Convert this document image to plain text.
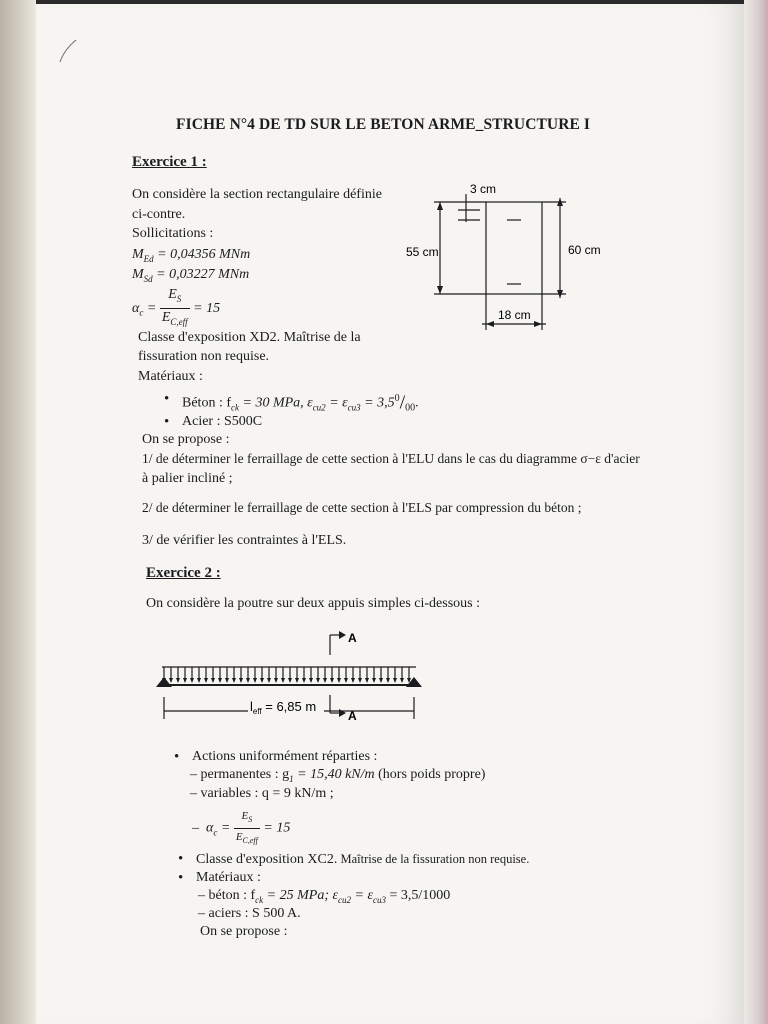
FICHE N°4 DE TD SUR LE BETON ARME_STRUCTURE I
Exercice 1 :
On considère la section rectangulaire définie
ci-contre.
Sollicitations :
$M_{Ed} = 0,04356$ MNm
$M_{Sd} = 0,03227$ MNm
$\alpha_c = \frac{E_S}{E_{C,eff}} = 15$
Classe d'exposition XD2. Maîtrise de la
fissuration non requise.
Matériaux :
• Béton : $f_{ck} = 30$ MPa, $\varepsilon_{cu2} = \varepsilon_{cu3} = 3,5^0/_{00}$.
• Acier : S500C
On se propose :
1/ de déterminer le ferraillage de cette section à l'ELU dans le cas du diagramme σ−ε d'acier
à palier incliné ;
2/ de déterminer le ferraillage de cette section à l'ELS par compression du béton ;
3/ de vérifier les contraintes à l'ELS.
3 cm
55 cm	60 cm
18 cm
Exercice 2 :
On considère la poutre sur deux appuis simples ci-dessous :
A
A
$l_{eff} = 6,85$ m
• Actions uniformément réparties :
– permanentes : $g_1 = 15,40$ kN/m (hors poids propre)
– variables : q = 9 kN/m ;
– $\alpha_c = \frac{E_S}{E_{C,eff}} = 15$
• Classe d'exposition XC2. Maîtrise de la fissuration non requise.
• Matériaux :
– béton : $f_{ck} = 25$ MPa; $\varepsilon_{cu2} = \varepsilon_{cu3} = 3,5/1000$
– aciers : S 500 A.
On se propose :
